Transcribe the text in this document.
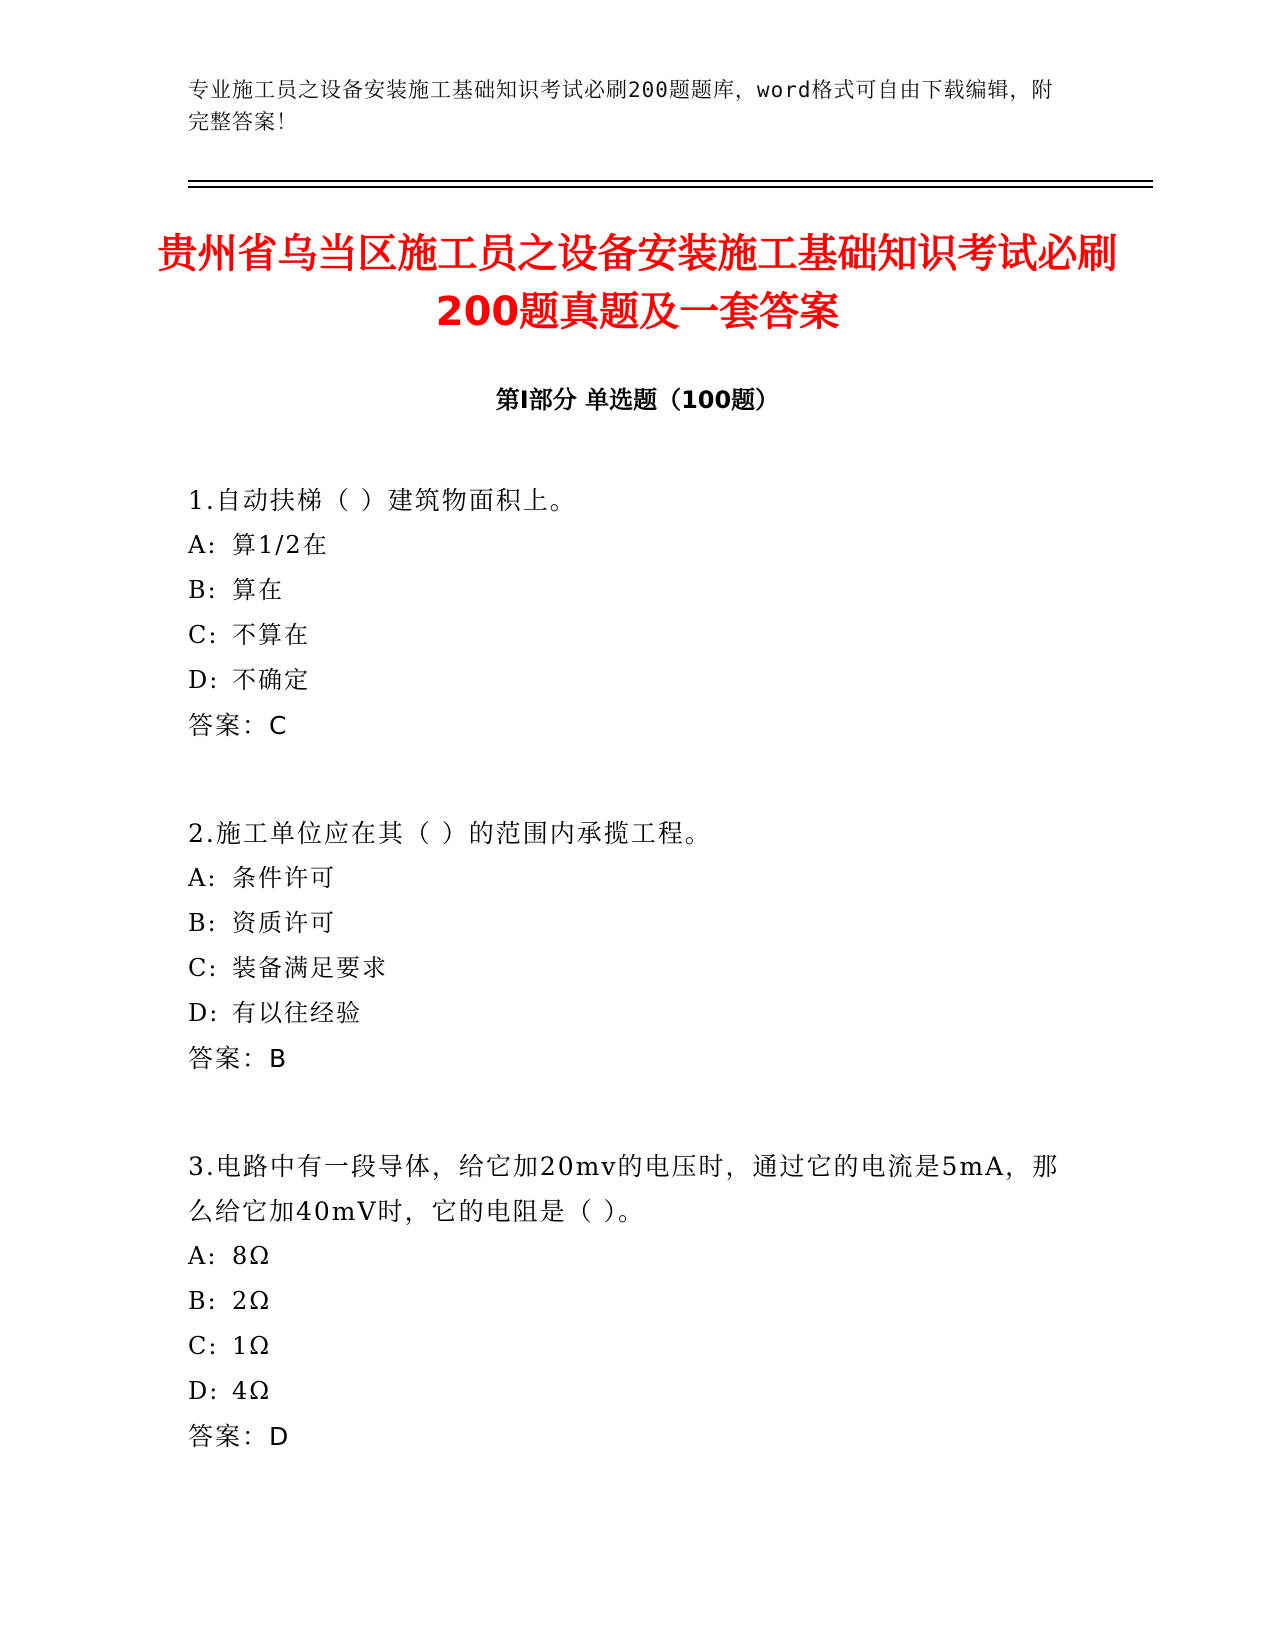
专业施工员之设备安装施工基础知识考试必刷200题题库，word格式可自由下载编辑，附完整答案！
贵州省乌当区施工员之设备安装施工基础知识考试必刷200题真题及一套答案
第Ⅰ部分 单选题（100题）

1.自动扶梯（ ）建筑物面积上。

A: 算1/2在

B: 算在

C: 不算在

D: 不确定

答案：C

2.施工单位应在其（ ）的范围内承揽工程。

A: 条件许可

B: 资质许可

C: 装备满足要求

D: 有以往经验

答案：B

3.电路中有一段导体，给它加20mv的电压时，通过它的电流是5mA，那么给它加40mV时，它的电阻是（ ）。

A: 8Ω

B: 2Ω

C: 1Ω

D: 4Ω

答案：D
